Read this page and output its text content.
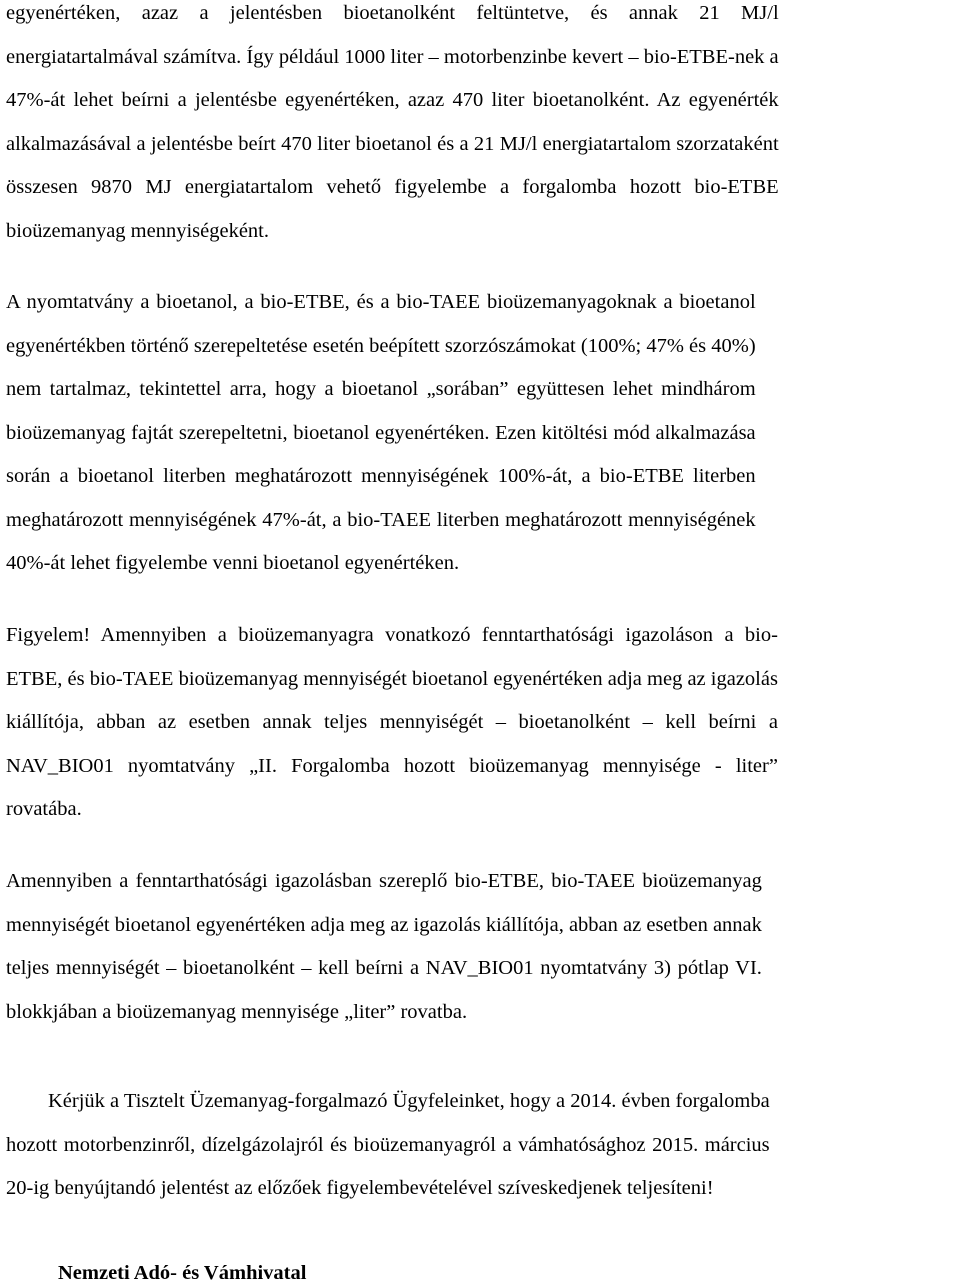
egyenértéken, azaz a jelentésben bioetanolként feltüntetve, és annak 21 MJ/l
energiatartalmával számítva. Így például 1000 liter – motorbenzinbe kevert – bio-ETBE-nek a
47%-át lehet beírni a jelentésbe egyenértéken, azaz 470 liter bioetanolként. Az egyenérték
alkalmazásával a jelentésbe beírt 470 liter bioetanol és a 21 MJ/l energiatartalom szorzataként
összesen 9870 MJ energiatartalom vehető figyelembe a forgalomba hozott bio-ETBE
bioüzemanyag mennyiségeként.

A nyomtatvány a bioetanol, a bio-ETBE, és a bio-TAEE bioüzemanyagoknak a bioetanol
egyenértékben történő szerepeltetése esetén beépített szorzószámokat (100%; 47% és 40%)
nem tartalmaz, tekintettel arra, hogy a bioetanol „sorában” együttesen lehet mindhárom
bioüzemanyag fajtát szerepeltetni, bioetanol egyenértéken. Ezen kitöltési mód alkalmazása
során a bioetanol literben meghatározott mennyiségének 100%-át, a bio-ETBE literben
meghatározott mennyiségének 47%-át, a bio-TAEE literben meghatározott mennyiségének
40%-át lehet figyelembe venni bioetanol egyenértéken.

Figyelem! Amennyiben a bioüzemanyagra vonatkozó fenntarthatósági igazoláson a bio-
ETBE, és bio-TAEE bioüzemanyag mennyiségét bioetanol egyenértéken adja meg az igazolás
kiállítója, abban az esetben annak teljes mennyiségét – bioetanolként – kell beírni a
NAV_BIO01 nyomtatvány „II. Forgalomba hozott bioüzemanyag mennyisége - liter”
rovatába.

Amennyiben a fenntarthatósági igazolásban szereplő bio-ETBE, bio-TAEE bioüzemanyag
mennyiségét bioetanol egyenértéken adja meg az igazolás kiállítója, abban az esetben annak
teljes mennyiségét – bioetanolként – kell beírni a NAV_BIO01 nyomtatvány 3) pótlap VI.
blokkjában a bioüzemanyag mennyisége „liter” rovatba.

Kérjük a Tisztelt Üzemanyag-forgalmazó Ügyfeleinket, hogy a 2014. évben forgalomba
hozott motorbenzinről, dízelgázolajról és bioüzemanyagról a vámhatósághoz 2015. március
20-ig benyújtandó jelentést az előzőek figyelembevételével szíveskedjenek teljesíteni!

Nemzeti Adó- és Vámhivatal
